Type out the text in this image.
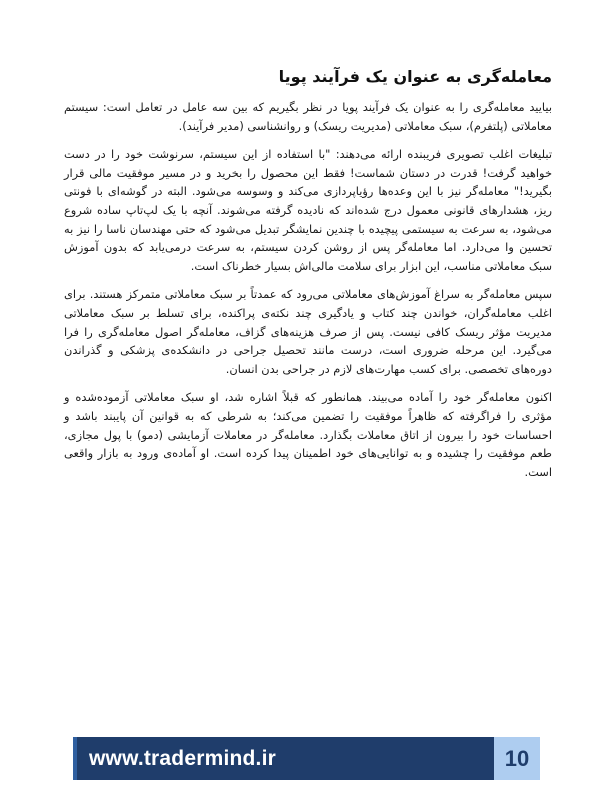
معامله‌گری به عنوان یک فرآیند پویا

بیایید معامله‌گری را به عنوان یک فرآیند پویا در نظر بگیریم که بین سه عامل در تعامل است: سیستم معاملاتی (پلتفرم)، سبک معاملاتی (مدیریت ریسک) و روانشناسی (مدیر فرآیند).

تبلیغات اغلب تصویری فریبنده ارائه می‌دهند: "با استفاده از این سیستم، سرنوشت خود را در دست خواهید گرفت! قدرت در دستان شماست! فقط این محصول را بخرید و در مسیر موفقیت مالی قرار بگیرید!" معامله‌گر نیز با این وعده‌ها رؤیاپردازی می‌کند و وسوسه می‌شود. البته در گوشه‌ای با فونتی ریز، هشدارهای قانونی معمول درج شده‌اند که نادیده گرفته می‌شوند. آنچه با یک لپ‌تاپ ساده شروع می‌شود، به سرعت به سیستمی پیچیده با چندین نمایشگر تبدیل می‌شود که حتی مهندسان ناسا را نیز به تحسین وا می‌دارد. اما معامله‌گر پس از روشن کردن سیستم، به سرعت درمی‌یابد که بدون آموزش سبک معاملاتی مناسب، این ابزار برای سلامت مالی‌اش بسیار خطرناک است.

سپس معامله‌گر به سراغ آموزش‌های معاملاتی می‌رود که عمدتاً بر سبک معاملاتی متمرکز هستند. برای اغلب معامله‌گران، خواندن چند کتاب و یادگیری چند نکته‌ی پراکنده، برای تسلط بر سبک معاملاتی مدیریت مؤثر ریسک کافی نیست. پس از صرف هزینه‌های گزاف، معامله‌گر اصول معامله‌گری را فرا می‌گیرد. این مرحله ضروری است، درست مانند تحصیل جراحی در دانشکده‌ی پزشکی و گذراندن دوره‌های تخصصی. برای کسب مهارت‌های لازم در جراحی بدن انسان.

اکنون معامله‌گر خود را آماده می‌بیند. همانطور که قبلاً اشاره شد، او سبک معاملاتی آزموده‌شده و مؤثری را فراگرفته که ظاهراً موفقیت را تضمین می‌کند؛ به شرطی که به قوانین آن پایبند باشد و احساسات خود را بیرون از اتاق معاملات بگذارد. معامله‌گر در معاملات آزمایشی (دمو) با پول مجازی، طعم موفقیت را چشیده و به توانایی‌های خود اطمینان پیدا کرده است. او آماده‌ی ورود به بازار واقعی است.

www.tradermind.ir	10
